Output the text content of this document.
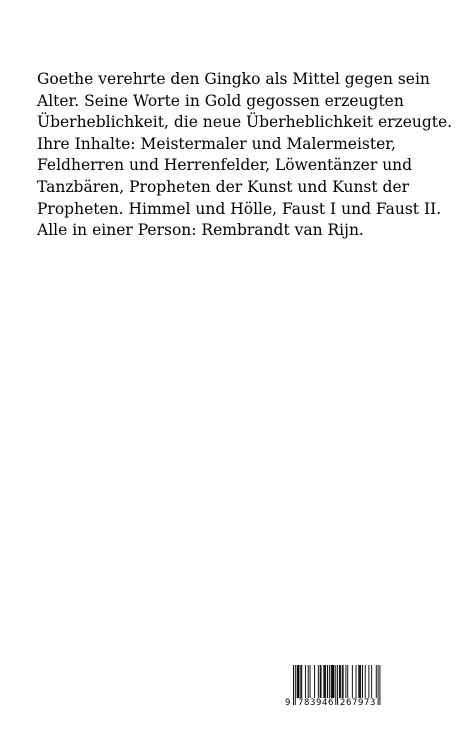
Goethe verehrte den Gingko als Mittel gegen sein
Alter. Seine Worte in Gold gegossen erzeugten
Überheblichkeit, die neue Überheblichkeit erzeugte.
Ihre Inhalte: Meistermaler und Malermeister,
Feldherren und Herrenfelder, Löwentänzer und
Tanzbären, Propheten der Kunst und Kunst der
Propheten. Himmel und Hölle, Faust I und Faust II.
Alle in einer Person: Rembrandt van Rijn.

9 783946 267973
